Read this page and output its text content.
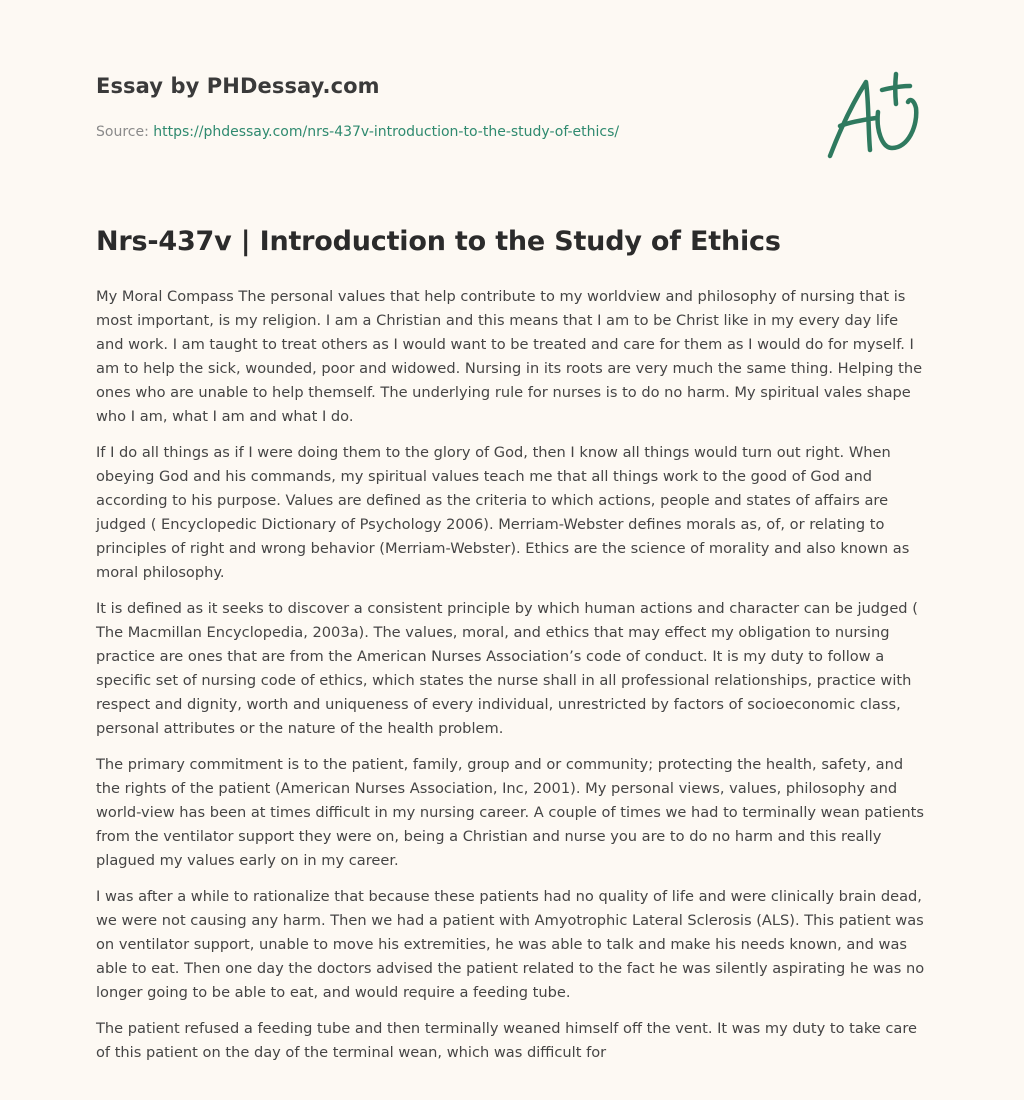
Essay by PHDessay.com
Source: https://phdessay.com/nrs-437v-introduction-to-the-study-of-ethics/
Nrs-437v | Introduction to the Study of Ethics

My Moral Compass The personal values that help contribute to my worldview and philosophy of nursing that is most important, is my religion. I am a Christian and this means that I am to be Christ like in my every day life and work. I am taught to treat others as I would want to be treated and care for them as I would do for myself. I am to help the sick, wounded, poor and widowed. Nursing in its roots are very much the same thing. Helping the ones who are unable to help themself. The underlying rule for nurses is to do no harm. My spiritual vales shape who I am, what I am and what I do.

If I do all things as if I were doing them to the glory of God, then I know all things would turn out right. When obeying God and his commands, my spiritual values teach me that all things work to the good of God and according to his purpose. Values are defined as the criteria to which actions, people and states of affairs are judged ( Encyclopedic Dictionary of Psychology 2006). Merriam-Webster defines morals as, of, or relating to principles of right and wrong behavior (Merriam-Webster). Ethics are the science of morality and also known as moral philosophy.

It is defined as it seeks to discover a consistent principle by which human actions and character can be judged ( The Macmillan Encyclopedia, 2003a). The values, moral, and ethics that may effect my obligation to nursing practice are ones that are from the American Nurses Association’s code of conduct. It is my duty to follow a specific set of nursing code of ethics, which states the nurse shall in all professional relationships, practice with respect and dignity, worth and uniqueness of every individual, unrestricted by factors of socioeconomic class, personal attributes or the nature of the health problem.

The primary commitment is to the patient, family, group and or community; protecting the health, safety, and the rights of the patient (American Nurses Association, Inc, 2001). My personal views, values, philosophy and world-view has been at times difficult in my nursing career. A couple of times we had to terminally wean patients from the ventilator support they were on, being a Christian and nurse you are to do no harm and this really plagued my values early on in my career.

I was after a while to rationalize that because these patients had no quality of life and were clinically brain dead, we were not causing any harm. Then we had a patient with Amyotrophic Lateral Sclerosis (ALS). This patient was on ventilator support, unable to move his extremities, he was able to talk and make his needs known, and was able to eat. Then one day the doctors advised the patient related to the fact he was silently aspirating he was no longer going to be able to eat, and would require a feeding tube.

The patient refused a feeding tube and then terminally weaned himself off the vent. It was my duty to take care of this patient on the day of the terminal wean, which was difficult for
